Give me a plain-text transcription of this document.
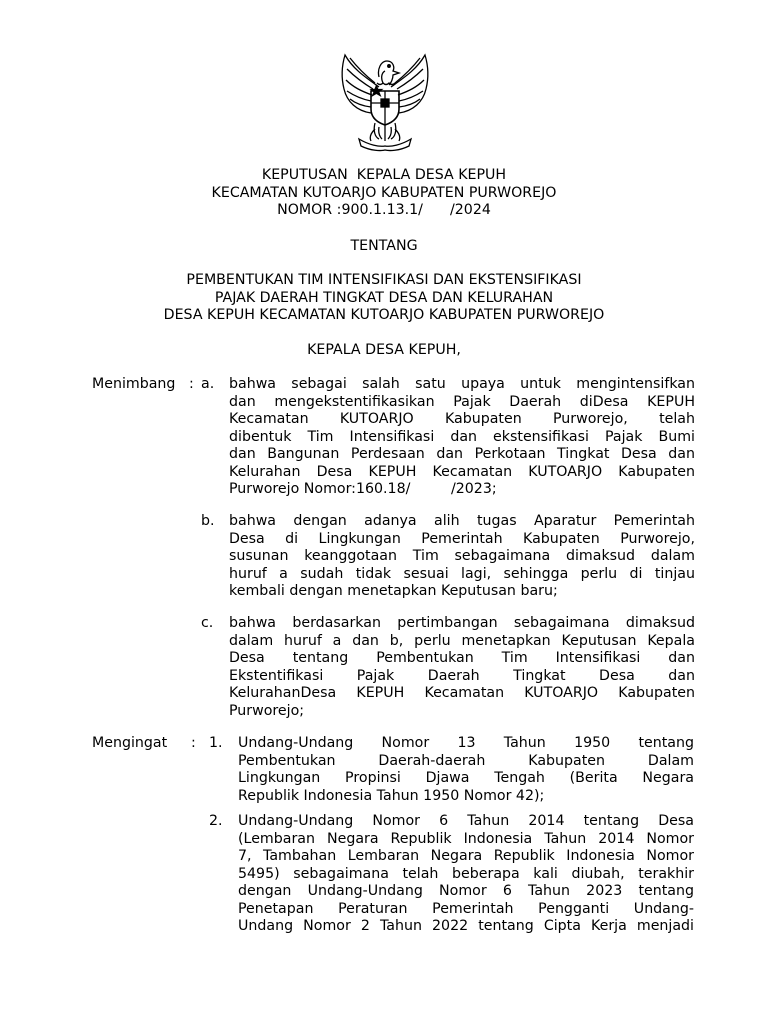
KEPUTUSAN  KEPALA DESA KEPUH
KECAMATAN KUTOARJO KABUPATEN PURWOREJO
NOMOR :900.1.13.1/      /2024
TENTANG
PEMBENTUKAN TIM INTENSIFIKASI DAN EKSTENSIFIKASI
PAJAK DAERAH TINGKAT DESA DAN KELURAHAN
DESA KEPUH KECAMATAN KUTOARJO KABUPATEN PURWOREJO
KEPALA DESA KEPUH,
Menimbang : a. bahwa sebagai salah satu upaya untuk mengintensifkan
dan mengekstentifikasikan Pajak Daerah diDesa KEPUH
Kecamatan KUTOARJO Kabupaten Purworejo, telah
dibentuk Tim Intensifikasi dan ekstensifikasi Pajak Bumi
dan Bangunan Perdesaan dan Perkotaan Tingkat Desa dan
Kelurahan Desa KEPUH Kecamatan KUTOARJO Kabupaten
Purworejo Nomor:160.18/         /2023;
b. bahwa dengan adanya alih tugas Aparatur Pemerintah
Desa di Lingkungan Pemerintah Kabupaten Purworejo,
susunan keanggotaan Tim sebagaimana dimaksud dalam
huruf a sudah tidak sesuai lagi, sehingga perlu di tinjau
kembali dengan menetapkan Keputusan baru;
c. bahwa berdasarkan pertimbangan sebagaimana dimaksud
dalam huruf a dan b, perlu menetapkan Keputusan Kepala
Desa tentang Pembentukan Tim Intensifikasi dan
Ekstentifikasi Pajak Daerah Tingkat Desa dan
KelurahanDesa KEPUH Kecamatan KUTOARJO Kabupaten
Purworejo;
Mengingat : 1. Undang-Undang Nomor 13 Tahun 1950 tentang
Pembentukan Daerah-daerah Kabupaten Dalam
Lingkungan Propinsi Djawa Tengah (Berita Negara
Republik Indonesia Tahun 1950 Nomor 42);
2. Undang-Undang Nomor 6 Tahun 2014 tentang Desa
(Lembaran Negara Republik Indonesia Tahun 2014 Nomor
7, Tambahan Lembaran Negara Republik Indonesia Nomor
5495) sebagaimana telah beberapa kali diubah, terakhir
dengan Undang-Undang Nomor 6 Tahun 2023 tentang
Penetapan Peraturan Pemerintah Pengganti Undang-
Undang Nomor 2 Tahun 2022 tentang Cipta Kerja menjadi
